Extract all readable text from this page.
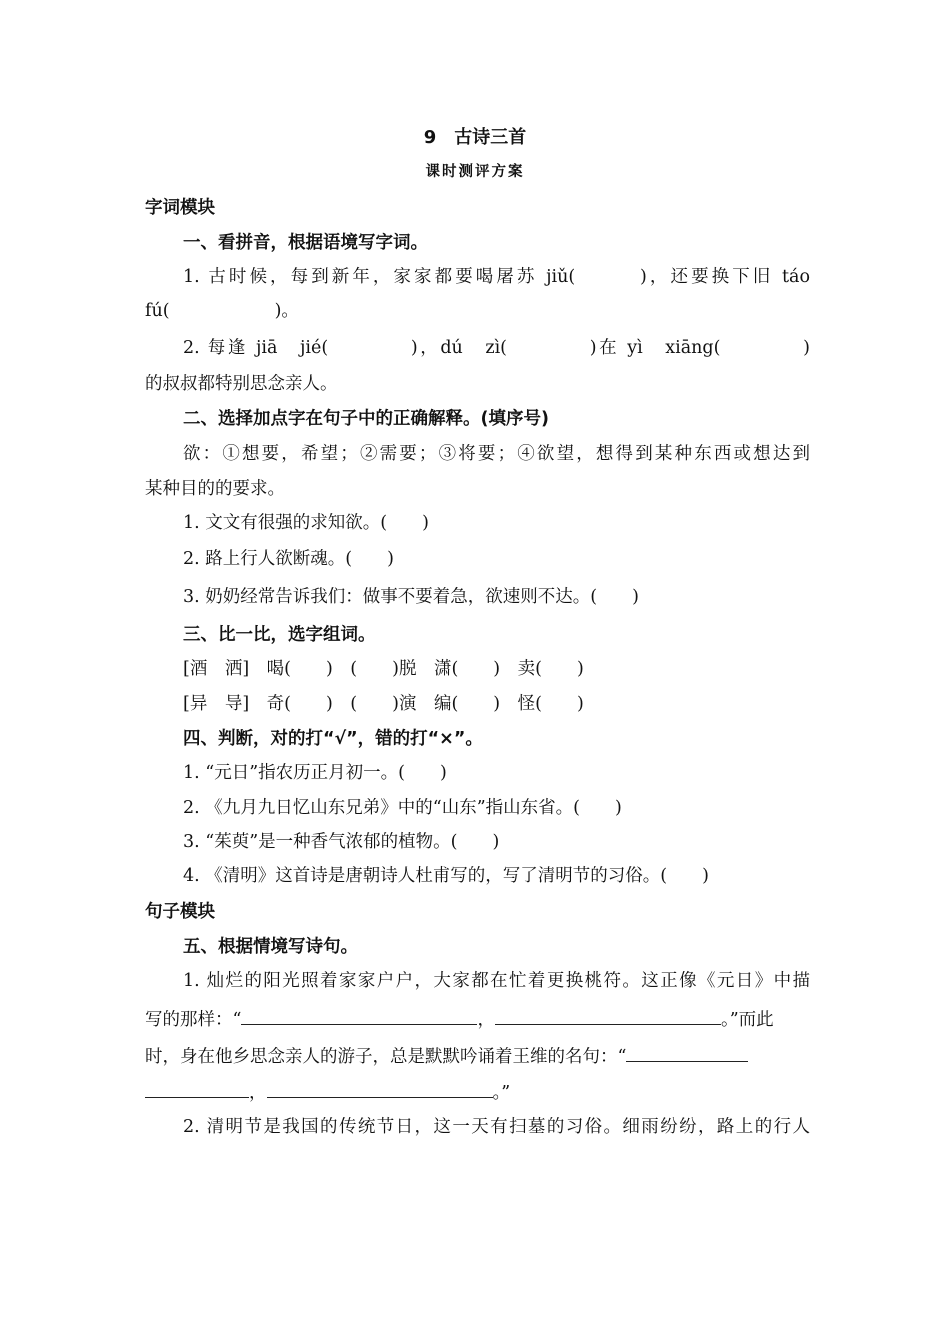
9　古诗三首
课时测评方案
字词模块
一、看拼音，根据语境写字词。
1. 古时候，每到新年，家家都要喝屠苏 jiǔ(　　　)，还要换下旧 táo
fú(　　　　　　)。
2. 每逢 jiā　jié(　　　　)，dú　zì(　　　　)在 yì　xiāng(　　　　)
的叔叔都特别思念亲人。
二、选择加点字在句子中的正确解释。(填序号)
欲：①想要，希望；②需要；③将要；④欲望，想得到某种东西或想达到
某种目的的要求。
1. 文文有很强的求知欲。(　　)
2. 路上行人欲断魂。(　　)
3. 奶奶经常告诉我们：做事不要着急，欲速则不达。(　　)
三、比一比，选字组词。
[酒　洒]　喝(　　)　(　　)脱　潇(　　)　卖(　　)
[异　导]　奇(　　)　(　　)演　编(　　)　怪(　　)
四、判断，对的打“√”，错的打“×”。
1. “元日”指农历正月初一。(　　)
2. 《九月九日忆山东兄弟》中的“山东”指山东省。(　　)
3. “茱萸”是一种香气浓郁的植物。(　　)
4. 《清明》这首诗是唐朝诗人杜甫写的，写了清明节的习俗。(　　)
句子模块
五、根据情境写诗句。
1. 灿烂的阳光照着家家户户，大家都在忙着更换桃符。这正像《元日》中描
写的那样：“	，	。”而此
时，身在他乡思念亲人的游子，总是默默吟诵着王维的名句：“
，	。”
2. 清明节是我国的传统节日，这一天有扫墓的习俗。细雨纷纷，路上的行人
